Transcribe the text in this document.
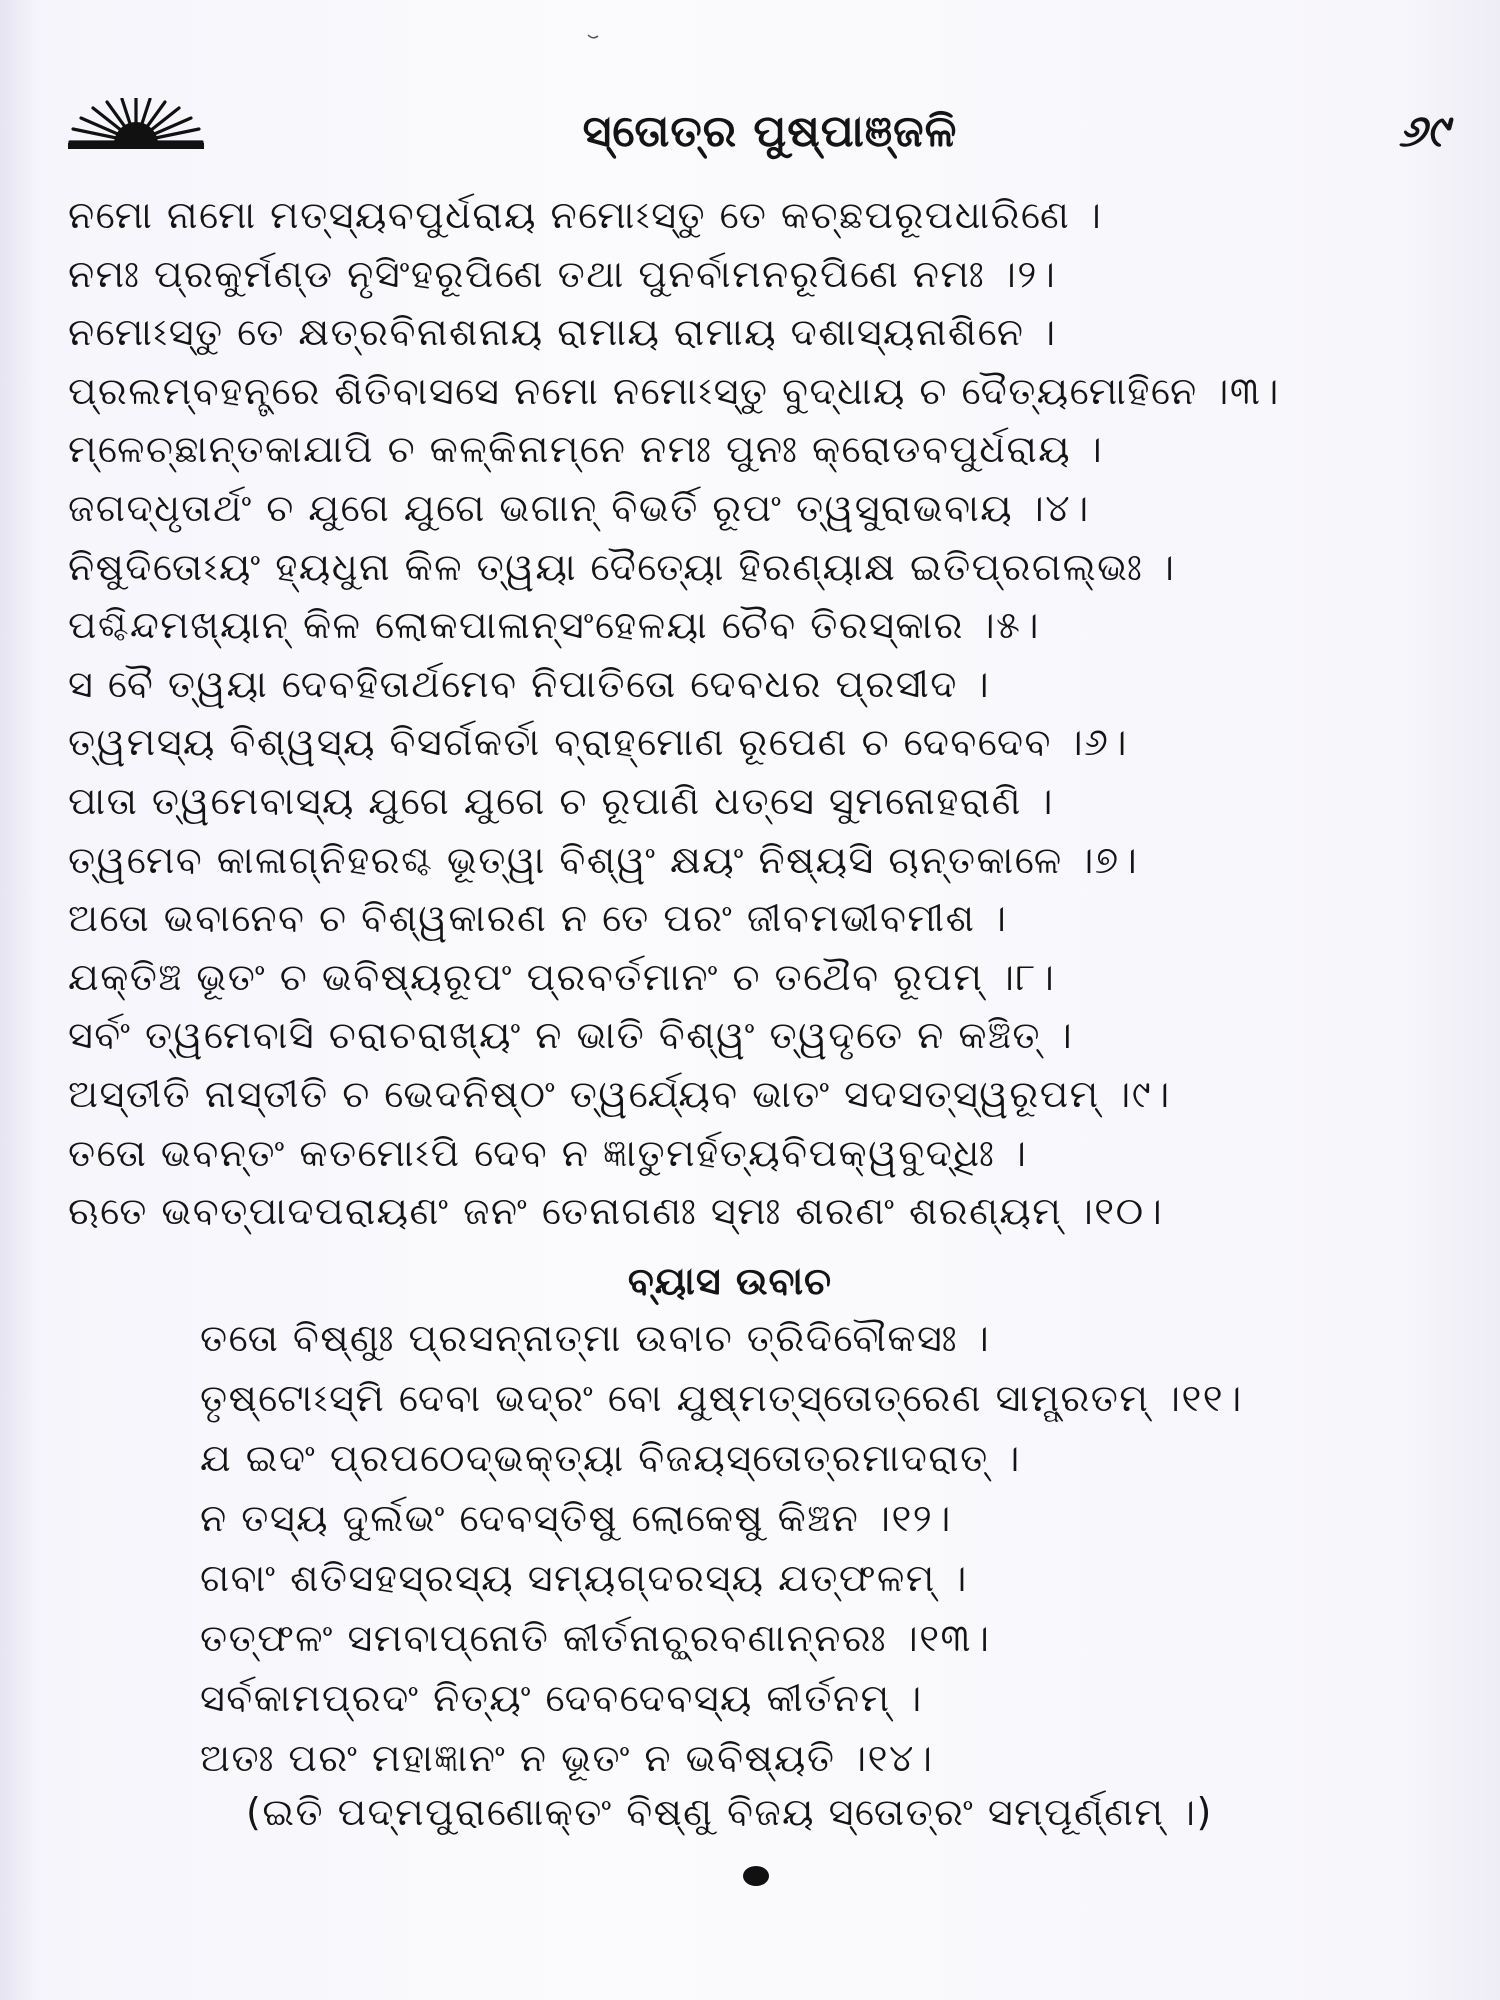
ସ୍ତୋତ୍ର ପୁଷ୍ପାଞ୍ଜଳି	୬୯
ନମୋ ନାମୋ ମତ୍ସ୍ୟବପୁର୍ଧରାୟ ନମୋଽସ୍ତୁ ତେ କଚ୍ଛପରୂପଧାରିଣେ ।
ନମଃ ପ୍ରକୁର୍ମଣ୍ଡ ନୃସିଂହରୂପିଣେ ତଥା ପୁନର୍ବାମନରୂପିଣେ ନମଃ ।୨।
ନମୋଽସ୍ତୁ ତେ କ୍ଷତ୍ରବିନାଶନାୟ ରାମାୟ ରାମାୟ ଦଶାସ୍ୟନାଶିନେ ।
ପ୍ରଲମ୍ବହନ୍ତ୍ରେ ଶିତିବାସସେ ନମୋ ନମୋଽସ୍ତୁ ବୁଦ୍ଧାୟ ଚ ଦୈତ୍ୟମୋହିନେ ।୩।
ମ୍ଳେଚ୍ଛାନ୍ତକାଯାପି ଚ କଳ୍କିନାମ୍ନେ ନମଃ ପୁନଃ କ୍ରୋଡବପୁର୍ଧରାୟ ।
ଜଗଦ୍ଧୃତାର୍ଥଂ ଚ ଯୁଗେ ଯୁଗେ ଭଗାନ୍ ବିଭର୍ତି ରୂପଂ ତ୍ୱସୁରାଭବାୟ ।୪।
ନିଷୁଦିତୋଽୟଂ ହ୍ୟଧୁନା କିଳ ତ୍ୱୟା ଦୈତ୍ୟୋ ହିରଣ୍ୟାକ୍ଷ ଇତିପ୍ରଗଲ୍ଭଃ ।
ପଶ୍ଚିନ୍ଦମଖ୍ୟାନ୍ କିଳ ଲୋକପାଳାନ୍‌ସଂହେଳୟା ଚୈବ ତିରସ୍କାର ।୫।
ସ ବୈ ତ୍ୱୟା ଦେବହିତାର୍ଥମେବ ନିପାତିତୋ ଦେବଧର ପ୍ରସୀଦ ।
ତ୍ୱମସ୍ୟ ବିଶ୍ୱସ୍ୟ ବିସର୍ଗକର୍ତା ବ୍ରାହ୍ମୋଣ ରୂପେଣ ଚ ଦେବଦେବ ।୬।
ପାତା ତ୍ୱମେବାସ୍ୟ ଯୁଗେ ଯୁଗେ ଚ ରୂପାଣି ଧତ୍ସେ ସୁମନୋହରାଣି ।
ତ୍ୱମେବ କାଳାଗ୍ନିହରଶ୍ଚ ଭୂତ୍ୱା ବିଶ୍ୱଂ କ୍ଷୟଂ ନିଷ୍ୟସି ଚାନ୍ତକାଳେ ।୭।
ଅତୋ ଭବାନେବ ଚ ବିଶ୍ୱକାରଣ ନ ତେ ପରଂ ଜୀବମଭୀବମୀଶ ।
ଯକ୍ତିଞ୍ଚ ଭୂତଂ ଚ ଭବିଷ୍ୟରୂପଂ ପ୍ରବର୍ତମାନଂ ଚ ତଥୈବ ରୂପମ୍ ।୮।
ସର୍ବଂ ତ୍ୱମେବାସି ଚରାଚରାଖ୍ୟଂ ନ ଭାତି ବିଶ୍ୱଂ ତ୍ୱଦୃତେ ନ କଞ୍ଚିତ୍ ।
ଅସ୍ତୀତି ନାସ୍ତୀତି ଚ ଭେଦନିଷ୍ଠଂ ତ୍ୱର୍ଯ୍ୟେବ ଭାତଂ ସଦସତ୍‌ସ୍ୱରୂପମ୍ ।୯।
ତତୋ ଭବନ୍ତଂ କତମୋଽପି ଦେବ ନ ଜ୍ଞାତୁମର୍ହତ୍ୟବିପକ୍ୱବୁଦ୍ଧିଃ ।
ଋତେ ଭବତ୍ପାଦପରାୟଣଂ ଜନଂ ତେନାଗଣଃ ସ୍ମଃ ଶରଣଂ ଶରଣ୍ୟମ୍ ।୧୦।
ବ୍ୟାସ ଉବାଚ
ତତୋ ବିଷ୍ଣୁଃ ପ୍ରସନ୍ନାତ୍ମା ଉବାଚ ତ୍ରିଦିବୌକସଃ ।
ତୃଷ୍ଟୋଽସ୍ମି ଦେବା ଭଦ୍ରଂ ବୋ ଯୁଷ୍ମତ୍‌ସ୍ତୋତ୍ରେଣ ସାମ୍ପ୍ରତମ୍ ।୧୧।
ଯ ଇଦଂ ପ୍ରପଠେଦ୍‌ଭକ୍ତ୍ୟା ବିଜୟସ୍ତୋତ୍ରମାଦରାତ୍ ।
ନ ତସ୍ୟ ଦୁର୍ଲଭଂ ଦେବସ୍ତିଷୁ ଲୋକେଷୁ କିଞ୍ଚନ ।୧୨।
ଗବାଂ ଶତିସହସ୍ରସ୍ୟ ସମ୍ୟଗ୍‌ଦରସ୍ୟ ଯତ୍‌ଫଳମ୍ ।
ତତ୍‌ଫଳଂ ସମବାପ୍ନୋତି କୀର୍ତନାଚ୍ଛ୍ରବଣାନ୍ନରଃ ।୧୩।
ସର୍ବକାମପ୍ରଦଂ ନିତ୍ୟଂ ଦେବଦେବସ୍ୟ କୀର୍ତନମ୍ ।
ଅତଃ ପରଂ ମହାଜ୍ଞାନଂ ନ ଭୂତଂ ନ ଭବିଷ୍ୟତି ।୧୪।
(ଇତି ପଦ୍ମପୁରାଣୋକ୍ତଂ ବିଷ୍ଣୁ ବିଜୟ ସ୍ତୋତ୍ରଂ ସମ୍ପୂର୍ଣ୍ଣମ୍ ।)
